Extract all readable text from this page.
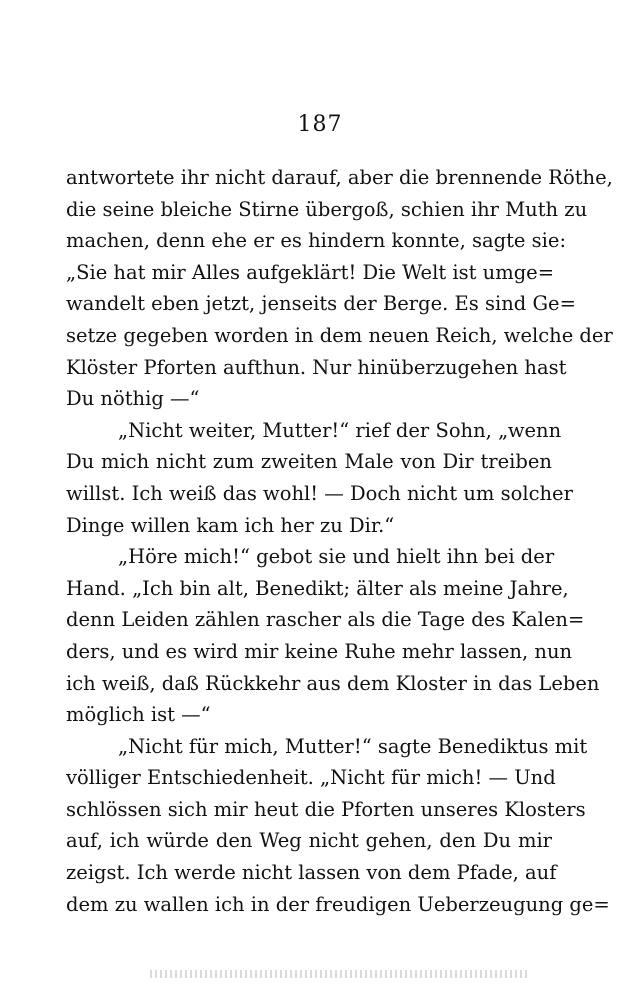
187
antwortete ihr nicht darauf, aber die brennende Röthe,
die seine bleiche Stirne übergoß, schien ihr Muth zu
machen, denn ehe er es hindern konnte, sagte sie:
„Sie hat mir Alles aufgeklärt! Die Welt ist umge=
wandelt eben jetzt, jenseits der Berge. Es sind Ge=
setze gegeben worden in dem neuen Reich, welche der
Klöster Pforten aufthun. Nur hinüberzugehen hast
Du nöthig —“
„Nicht weiter, Mutter!“ rief der Sohn, „wenn
Du mich nicht zum zweiten Male von Dir treiben
willst. Ich weiß das wohl! — Doch nicht um solcher
Dinge willen kam ich her zu Dir.“
„Höre mich!“ gebot sie und hielt ihn bei der
Hand. „Ich bin alt, Benedikt; älter als meine Jahre,
denn Leiden zählen rascher als die Tage des Kalen=
ders, und es wird mir keine Ruhe mehr lassen, nun
ich weiß, daß Rückkehr aus dem Kloster in das Leben
möglich ist —“
„Nicht für mich, Mutter!“ sagte Benediktus mit
völliger Entschiedenheit. „Nicht für mich! — Und
schlössen sich mir heut die Pforten unseres Klosters
auf, ich würde den Weg nicht gehen, den Du mir
zeigst. Ich werde nicht lassen von dem Pfade, auf
dem zu wallen ich in der freudigen Ueberzeugung ge=
